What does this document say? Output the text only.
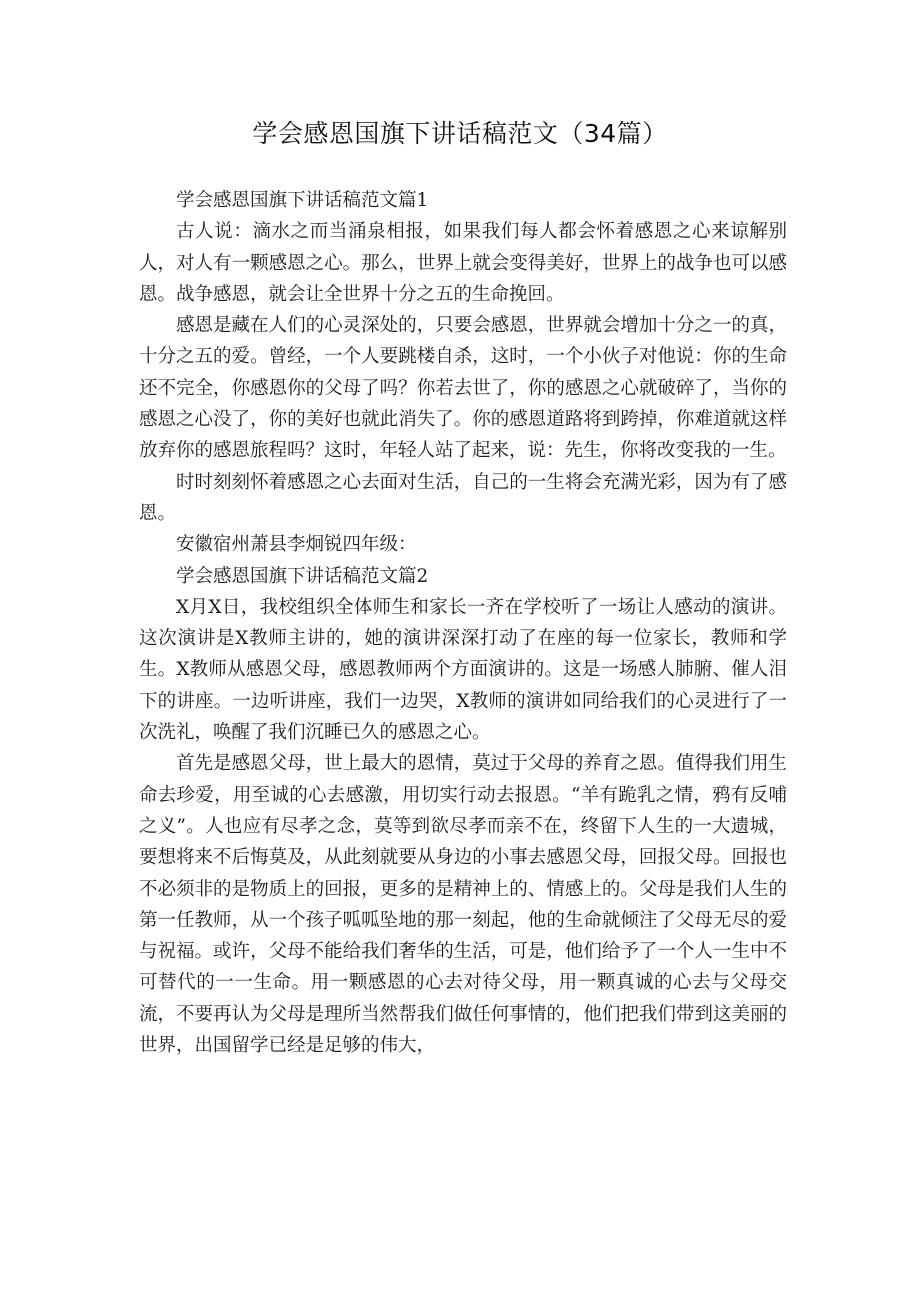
学会感恩国旗下讲话稿范文（34篇）

学会感恩国旗下讲话稿范文篇1

古人说：滴水之而当涌泉相报，如果我们每人都会怀着感恩之心来谅解别人，对人有一颗感恩之心。那么，世界上就会变得美好，世界上的战争也可以感恩。战争感恩，就会让全世界十分之五的生命挽回。

感恩是藏在人们的心灵深处的，只要会感恩，世界就会增加十分之一的真，十分之五的爱。曾经，一个人要跳楼自杀，这时，一个小伙子对他说：你的生命还不完全，你感恩你的父母了吗？你若去世了，你的感恩之心就破碎了，当你的感恩之心没了，你的美好也就此消失了。你的感恩道路将到跨掉，你难道就这样放弃你的感恩旅程吗？这时，年轻人站了起来，说：先生，你将改变我的一生。

时时刻刻怀着感恩之心去面对生活，自己的一生将会充满光彩，因为有了感恩。

安徽宿州萧县李炯锐四年级：

学会感恩国旗下讲话稿范文篇2

X月X日，我校组织全体师生和家长一齐在学校听了一场让人感动的演讲。这次演讲是X教师主讲的，她的演讲深深打动了在座的每一位家长，教师和学生。X教师从感恩父母，感恩教师两个方面演讲的。这是一场感人肺腑、催人泪下的讲座。一边听讲座，我们一边哭，X教师的演讲如同给我们的心灵进行了一次洗礼，唤醒了我们沉睡已久的感恩之心。

首先是感恩父母，世上最大的恩情，莫过于父母的养育之恩。值得我们用生命去珍爱，用至诚的心去感激，用切实行动去报恩。“羊有跪乳之情，鸦有反哺之义”。人也应有尽孝之念，莫等到欲尽孝而亲不在，终留下人生的一大遗城，要想将来不后悔莫及，从此刻就要从身边的小事去感恩父母，回报父母。回报也不必须非的是物质上的回报，更多的是精神上的、情感上的。父母是我们人生的第一任教师，从一个孩子呱呱坠地的那一刻起，他的生命就倾注了父母无尽的爱与祝福。或许，父母不能给我们奢华的生活，可是，他们给予了一个人一生中不可替代的一一生命。用一颗感恩的心去对待父母，用一颗真诚的心去与父母交流，不要再认为父母是理所当然帮我们做任何事情的，他们把我们带到这美丽的世界，出国留学已经是足够的伟大，
